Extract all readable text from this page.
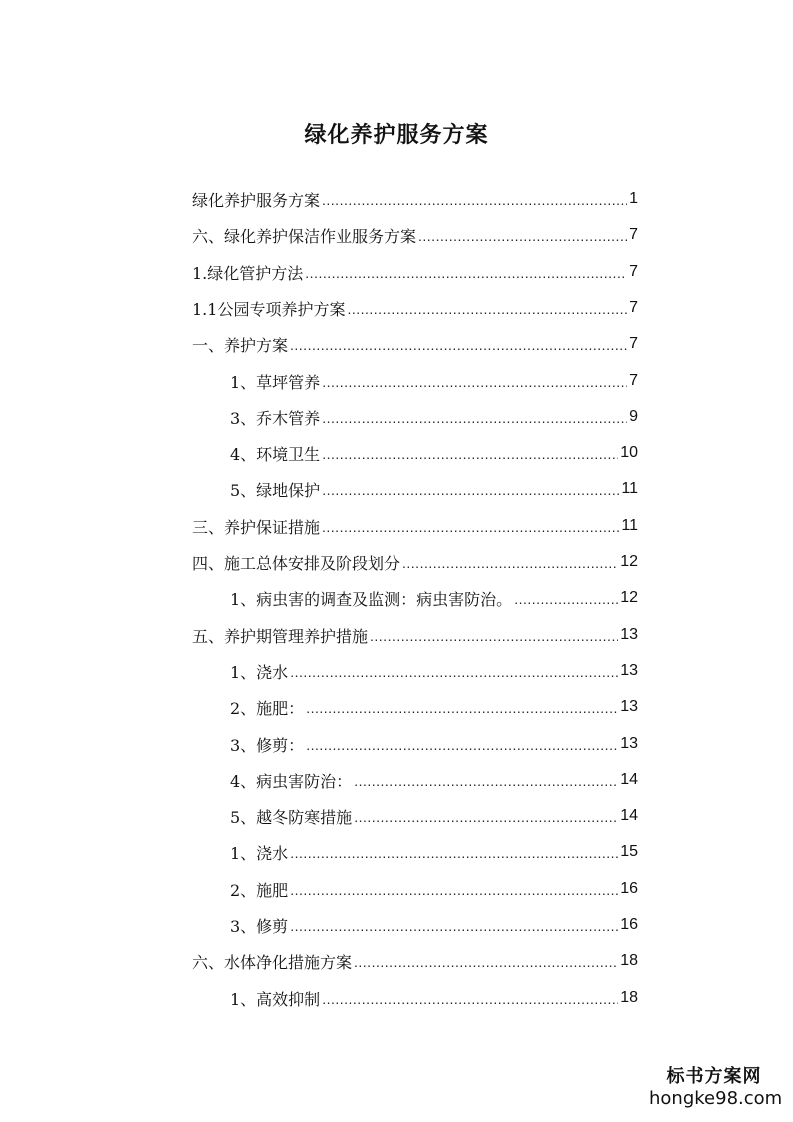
绿化养护服务方案
绿化养护服务方案 .....	1
六、绿化养护保洁作业服务方案 .....	7
1.绿化管护方法 .....	7
1.1公园专项养护方案 .....	7
一、养护方案 .....	7
1、草坪管养 .....	7
3、乔木管养 .....	9
4、环境卫生 .....	10
5、绿地保护 .....	11
三、养护保证措施 .....	11
四、施工总体安排及阶段划分 .....	12
1、病虫害的调查及监测：病虫害防治。 .....	12
五、养护期管理养护措施 .....	13
1、浇水 .....	13
2、施肥： .....	13
3、修剪： .....	13
4、病虫害防治： .....	14
5、越冬防寒措施 .....	14
1、浇水 .....	15
2、施肥 .....	16
3、修剪 .....	16
六、水体净化措施方案 .....	18
1、高效抑制 .....	18
标书方案网
hongke98.com
